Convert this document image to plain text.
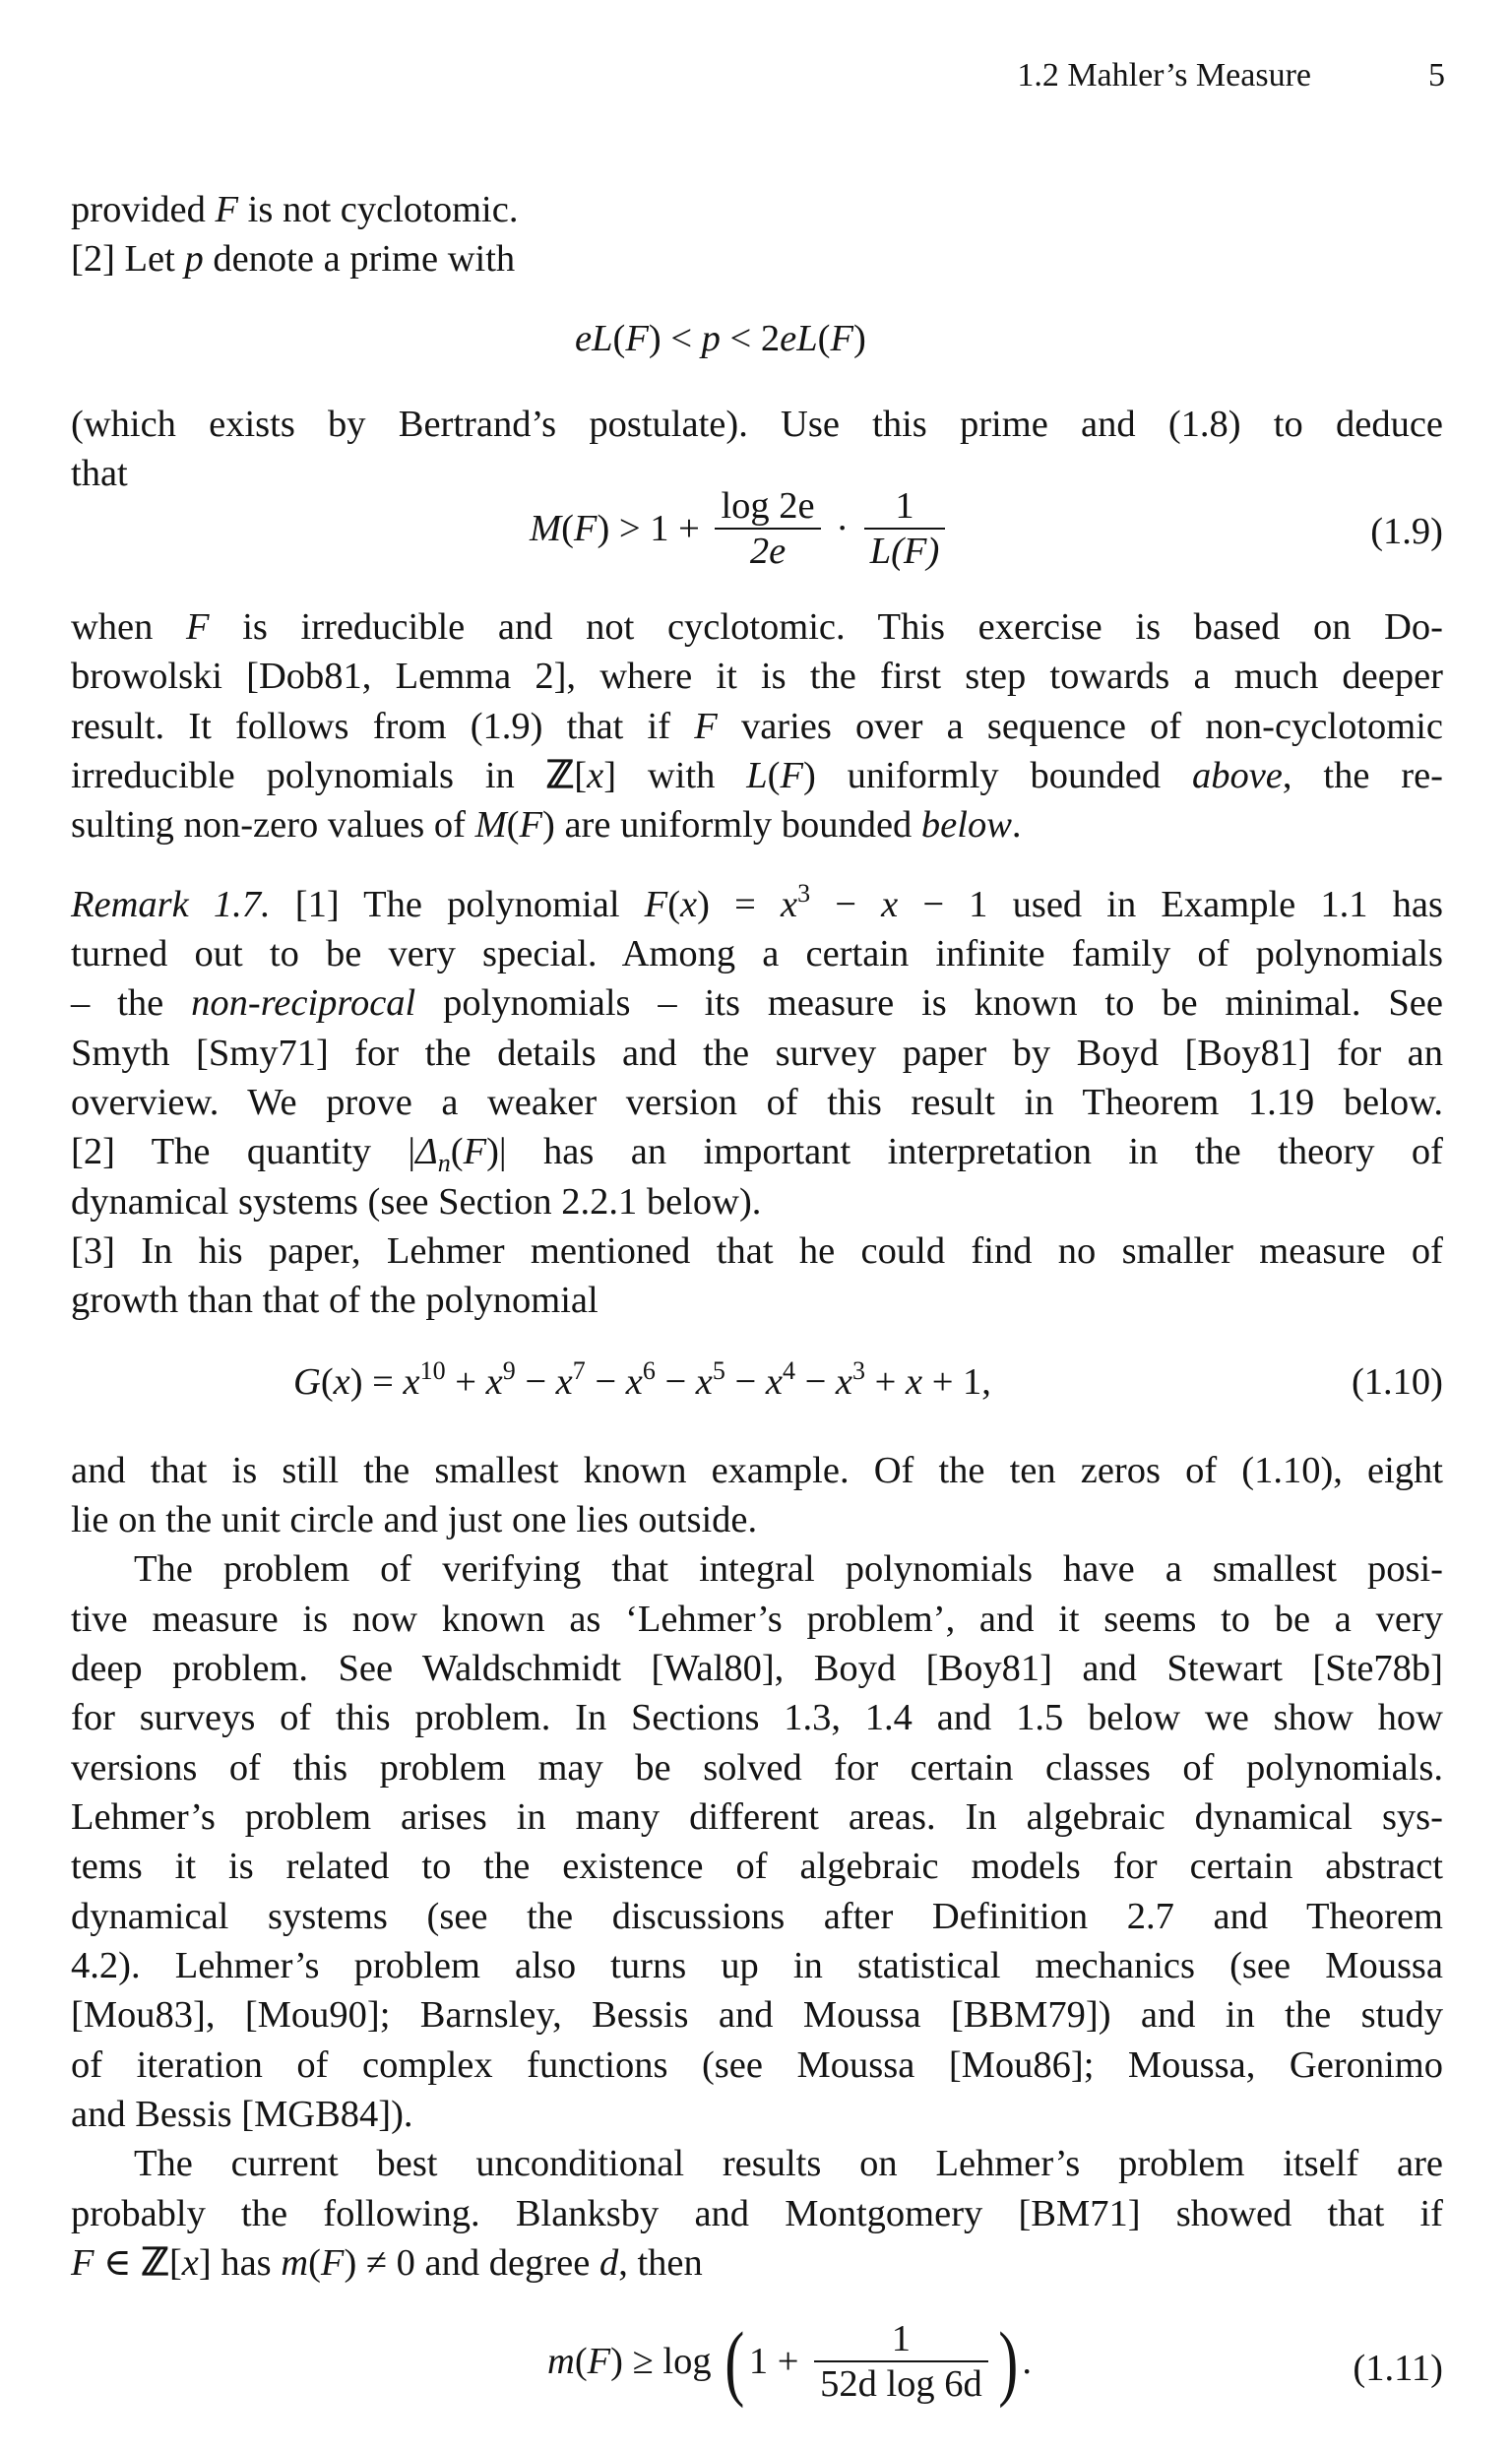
1.2 Mahler’s Measure	5
provided F is not cyclotomic.
[2] Let p denote a prime with
eL(F) < p < 2eL(F)
(which exists by Bertrand’s postulate). Use this prime and (1.8) to deduce
that
$M(F) > 1 + \frac{\log 2e}{2e} \cdot \frac{1}{L(F)}$	(1.9)
when F is irreducible and not cyclotomic. This exercise is based on Do-
browolski [Dob81, Lemma 2], where it is the first step towards a much deeper
result. It follows from (1.9) that if F varies over a sequence of non-cyclotomic
irreducible polynomials in ℤ[x] with L(F) uniformly bounded above, the re-
sulting non-zero values of M(F) are uniformly bounded below.
Remark 1.7. [1] The polynomial $F(x) = x^3 - x - 1$ used in Example 1.1 has
turned out to be very special. Among a certain infinite family of polynomials
– the non-reciprocal polynomials – its measure is known to be minimal. See
Smyth [Smy71] for the details and the survey paper by Boyd [Boy81] for an
overview. We prove a weaker version of this result in Theorem 1.19 below.
[2] The quantity $|\Delta_n(F)|$ has an important interpretation in the theory of
dynamical systems (see Section 2.2.1 below).
[3] In his paper, Lehmer mentioned that he could find no smaller measure of
growth than that of the polynomial
$G(x) = x^{10} + x^9 - x^7 - x^6 - x^5 - x^4 - x^3 + x + 1$,	(1.10)
and that is still the smallest known example. Of the ten zeros of (1.10), eight
lie on the unit circle and just one lies outside.
The problem of verifying that integral polynomials have a smallest posi-
tive measure is now known as ‘Lehmer’s problem’, and it seems to be a very
deep problem. See Waldschmidt [Wal80], Boyd [Boy81] and Stewart [Ste78b]
for surveys of this problem. In Sections 1.3, 1.4 and 1.5 below we show how
versions of this problem may be solved for certain classes of polynomials.
Lehmer’s problem arises in many different areas. In algebraic dynamical sys-
tems it is related to the existence of algebraic models for certain abstract
dynamical systems (see the discussions after Definition 2.7 and Theorem
4.2). Lehmer’s problem also turns up in statistical mechanics (see Moussa
[Mou83], [Mou90]; Barnsley, Bessis and Moussa [BBM79]) and in the study
of iteration of complex functions (see Moussa [Mou86]; Moussa, Geronimo
and Bessis [MGB84]).
The current best unconditional results on Lehmer’s problem itself are
probably the following. Blanksby and Montgomery [BM71] showed that if
F ∈ ℤ[x] has m(F) ≠ 0 and degree d, then
m(F) ≥ log ( $1 + \frac{1}{\text{52d log 6d}}$ ) .	(1.11)
